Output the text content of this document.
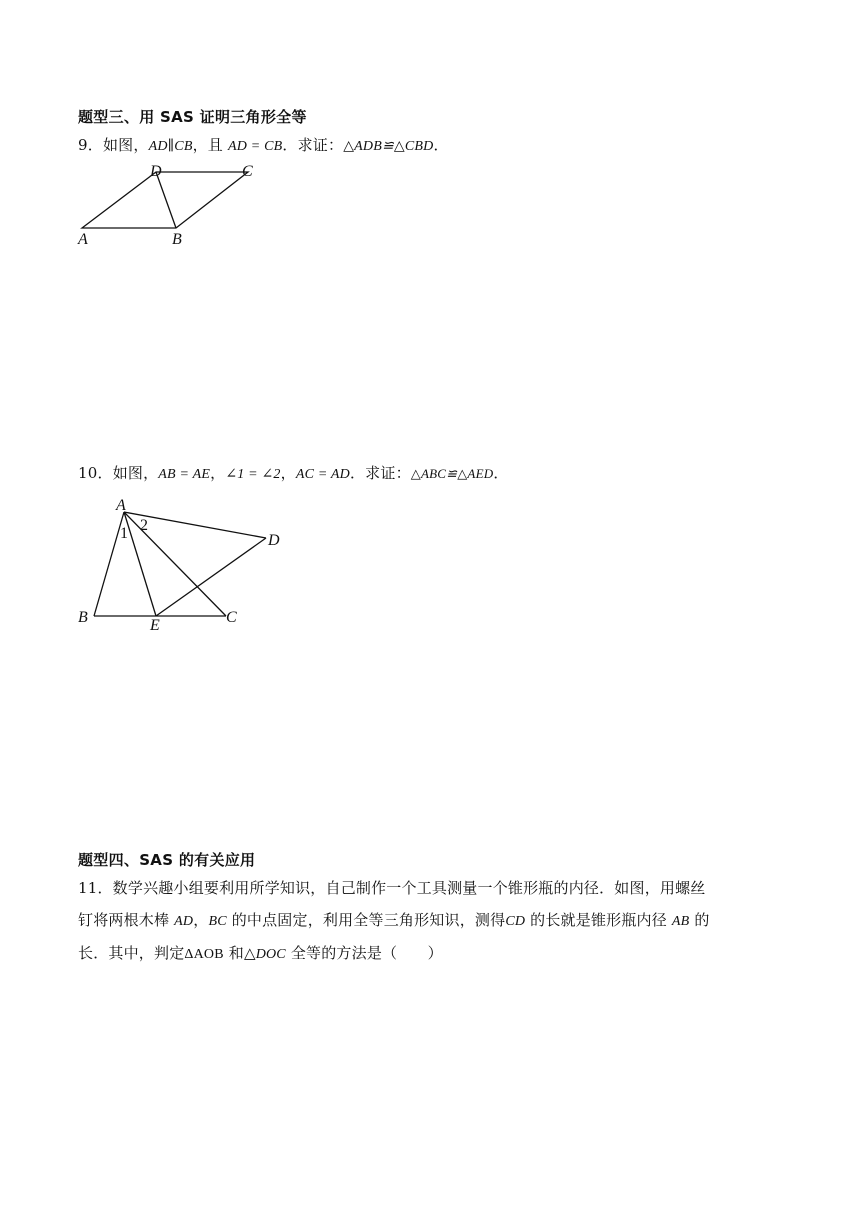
题型三、用 SAS 证明三角形全等
9．如图，AD∥CB，且 AD = CB．求证：△ADB≌△CBD．
D	C
A	B
10．如图，AB = AE，∠1 = ∠2，AC = AD．求证：△ABC≌△AED．
A
1 2
D
B	E	C
题型四、SAS 的有关应用
11．数学兴趣小组要利用所学知识，自己制作一个工具测量一个锥形瓶的内径．如图，用螺丝
钉将两根木棒 AD，BC 的中点固定，利用全等三角形知识，测得CD 的长就是锥形瓶内径 AB 的
长．其中，判定ΔAOB 和△DOC 全等的方法是（　　）
